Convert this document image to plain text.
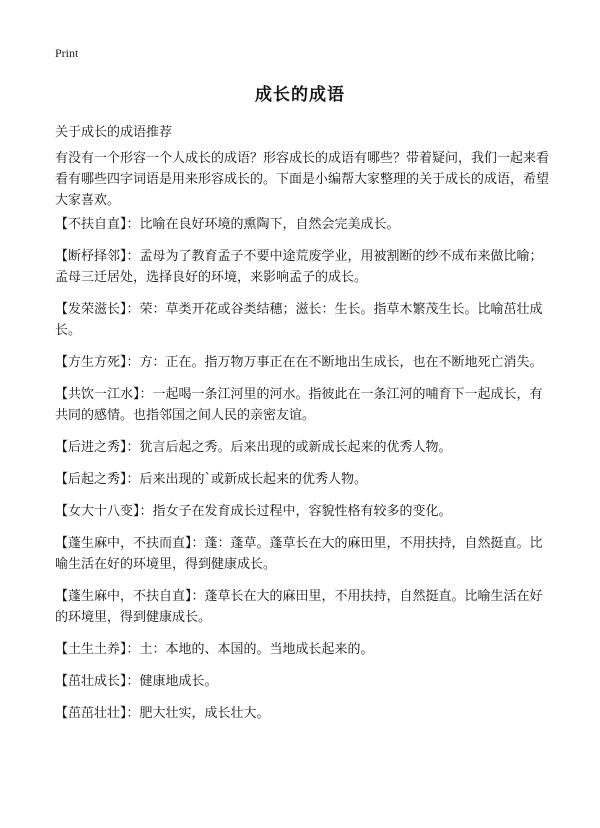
Print
成长的成语
关于成长的成语推荐

有没有一个形容一个人成长的成语？形容成长的成语有哪些？带着疑问，我们一起来看看有哪些四字词语是用来形容成长的。下面是小编帮大家整理的关于成长的成语，希望大家喜欢。

【不扶自直】：比喻在良好环境的熏陶下，自然会完美成长。
【断杼择邻】：孟母为了教育孟子不要中途荒废学业，用被割断的纱不成布来做比喻；孟母三迁居处，选择良好的环境，来影响孟子的成长。
【发荣滋长】：荣：草类开花或谷类结穗；滋长：生长。指草木繁茂生长。比喻茁壮成长。
【方生方死】：方：正在。指万物万事正在在不断地出生成长，也在不断地死亡消失。
【共饮一江水】：一起喝一条江河里的河水。指彼此在一条江河的哺育下一起成长，有共同的感情。也指邻国之间人民的亲密友谊。
【后进之秀】：犹言后起之秀。后来出现的或新成长起来的优秀人物。
【后起之秀】：后来出现的`或新成长起来的优秀人物。
【女大十八变】：指女子在发育成长过程中，容貌性格有较多的变化。
【蓬生麻中，不扶而直】：蓬：蓬草。蓬草长在大的麻田里，不用扶持，自然挺直。比喻生活在好的环境里，得到健康成长。
【蓬生麻中，不扶自直】：蓬草长在大的麻田里，不用扶持，自然挺直。比喻生活在好的环境里，得到健康成长。
【土生土养】：土：本地的、本国的。当地成长起来的。
【茁壮成长】：健康地成长。
【茁茁壮壮】：肥大壮实，成长壮大。
